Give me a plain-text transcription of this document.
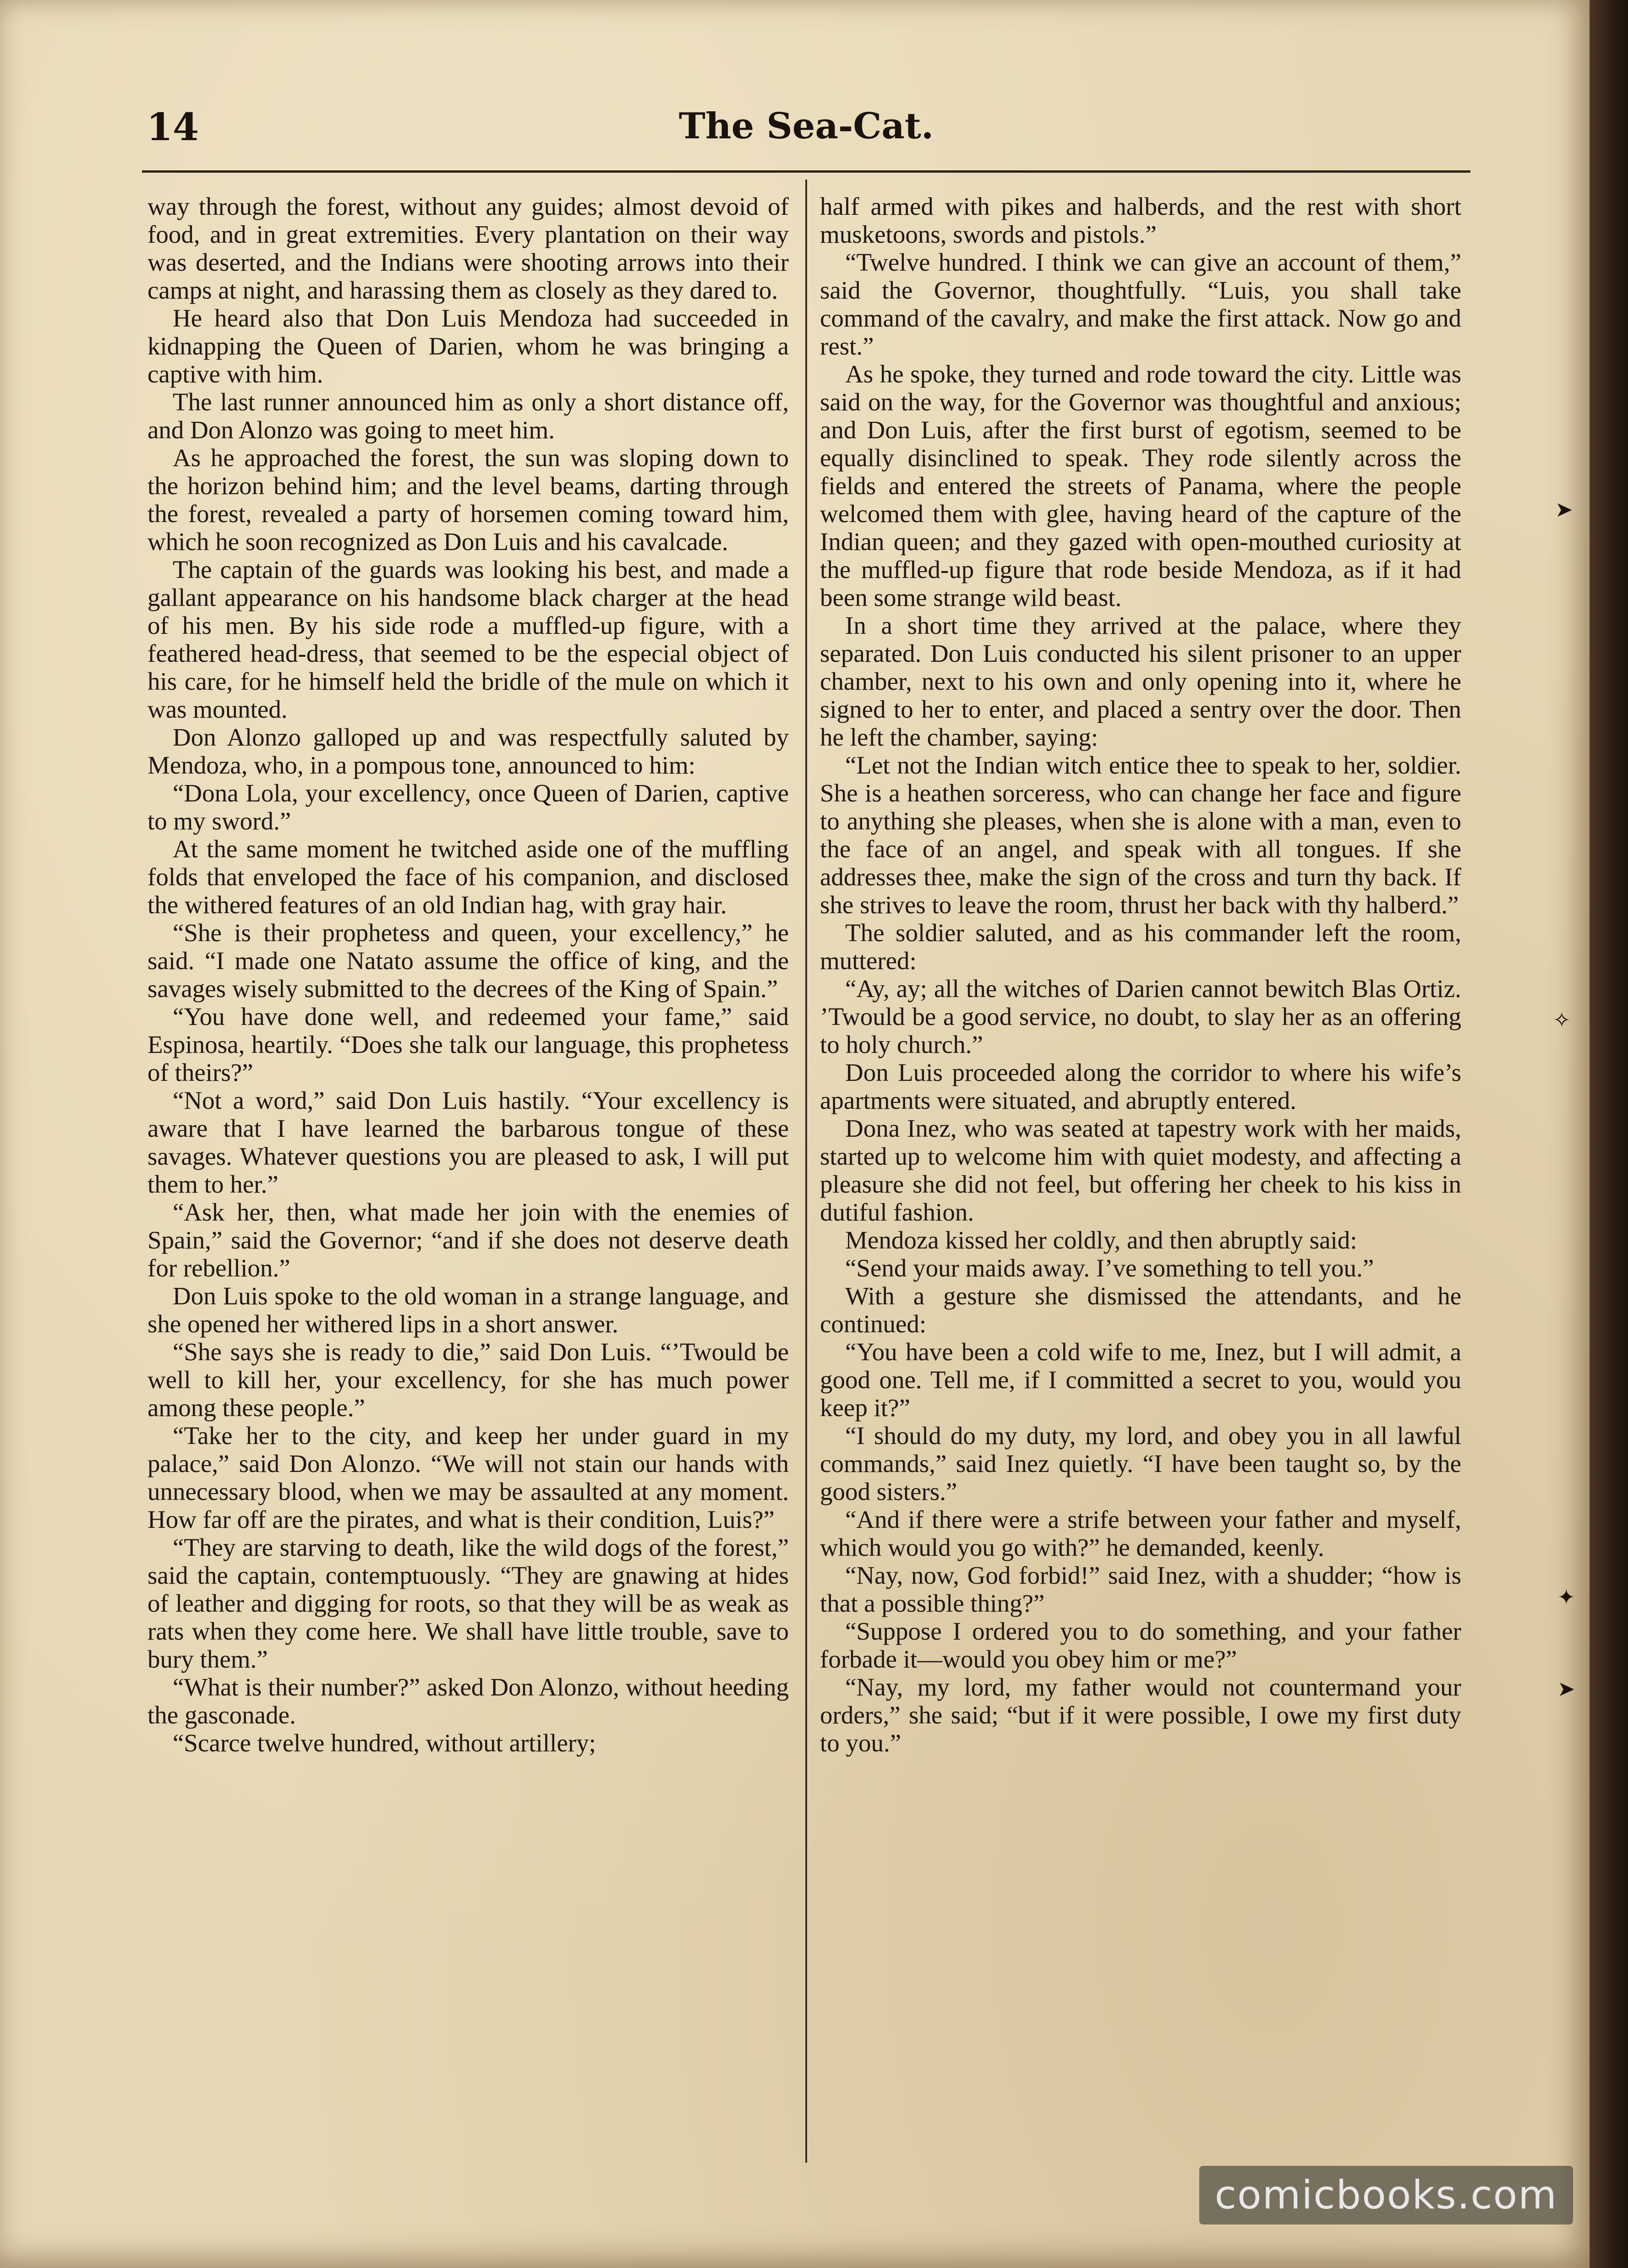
14	The Sea-Cat.

way through the forest, without any guides; almost devoid of food, and in great extremities. Every plantation on their way was deserted, and the Indians were shooting arrows into their camps at night, and harassing them as closely as they dared to.

He heard also that Don Luis Mendoza had succeeded in kidnapping the Queen of Darien, whom he was bringing a captive with him.

The last runner announced him as only a short distance off, and Don Alonzo was going to meet him.

As he approached the forest, the sun was sloping down to the horizon behind him; and the level beams, darting through the forest, revealed a party of horsemen coming toward him, which he soon recognized as Don Luis and his cavalcade.

The captain of the guards was looking his best, and made a gallant appearance on his handsome black charger at the head of his men. By his side rode a muffled-up figure, with a feathered head-dress, that seemed to be the especial object of his care, for he himself held the bridle of the mule on which it was mounted.

Don Alonzo galloped up and was respectfully saluted by Mendoza, who, in a pompous tone, announced to him:

“Dona Lola, your excellency, once Queen of Darien, captive to my sword.”

At the same moment he twitched aside one of the muffling folds that enveloped the face of his companion, and disclosed the withered features of an old Indian hag, with gray hair.

“She is their prophetess and queen, your excellency,” he said. “I made one Natato assume the office of king, and the savages wisely submitted to the decrees of the King of Spain.”

“You have done well, and redeemed your fame,” said Espinosa, heartily. “Does she talk our language, this prophetess of theirs?”

“Not a word,” said Don Luis hastily. “Your excellency is aware that I have learned the barbarous tongue of these savages. Whatever questions you are pleased to ask, I will put them to her.”

“Ask her, then, what made her join with the enemies of Spain,” said the Governor; “and if she does not deserve death for rebellion.”

Don Luis spoke to the old woman in a strange language, and she opened her withered lips in a short answer.

“She says she is ready to die,” said Don Luis. “’Twould be well to kill her, your excellency, for she has much power among these people.”

“Take her to the city, and keep her under guard in my palace,” said Don Alonzo. “We will not stain our hands with unnecessary blood, when we may be assaulted at any moment. How far off are the pirates, and what is their condition, Luis?”

“They are starving to death, like the wild dogs of the forest,” said the captain, contemptuously. “They are gnawing at hides of leather and digging for roots, so that they will be as weak as rats when they come here. We shall have little trouble, save to bury them.”

“What is their number?” asked Don Alonzo, without heeding the gasconade.

“Scarce twelve hundred, without artillery;

half armed with pikes and halberds, and the rest with short musketoons, swords and pistols.”

“Twelve hundred. I think we can give an account of them,” said the Governor, thoughtfully. “Luis, you shall take command of the cavalry, and make the first attack. Now go and rest.”

As he spoke, they turned and rode toward the city. Little was said on the way, for the Governor was thoughtful and anxious; and Don Luis, after the first burst of egotism, seemed to be equally disinclined to speak. They rode silently across the fields and entered the streets of Panama, where the people welcomed them with glee, having heard of the capture of the Indian queen; and they gazed with open-mouthed curiosity at the muffled-up figure that rode beside Mendoza, as if it had been some strange wild beast.

In a short time they arrived at the palace, where they separated. Don Luis conducted his silent prisoner to an upper chamber, next to his own and only opening into it, where he signed to her to enter, and placed a sentry over the door. Then he left the chamber, saying:

“Let not the Indian witch entice thee to speak to her, soldier. She is a heathen sorceress, who can change her face and figure to anything she pleases, when she is alone with a man, even to the face of an angel, and speak with all tongues. If she addresses thee, make the sign of the cross and turn thy back. If she strives to leave the room, thrust her back with thy halberd.”

The soldier saluted, and as his commander left the room, muttered:

“Ay, ay; all the witches of Darien cannot bewitch Blas Ortiz. ’Twould be a good service, no doubt, to slay her as an offering to holy church.”

Don Luis proceeded along the corridor to where his wife’s apartments were situated, and abruptly entered.

Dona Inez, who was seated at tapestry work with her maids, started up to welcome him with quiet modesty, and affecting a pleasure she did not feel, but offering her cheek to his kiss in dutiful fashion.

Mendoza kissed her coldly, and then abruptly said:

“Send your maids away. I’ve something to tell you.”

With a gesture she dismissed the attendants, and he continued:

“You have been a cold wife to me, Inez, but I will admit, a good one. Tell me, if I committed a secret to you, would you keep it?”

“I should do my duty, my lord, and obey you in all lawful commands,” said Inez quietly. “I have been taught so, by the good sisters.”

“And if there were a strife between your father and myself, which would you go with?” he demanded, keenly.

“Nay, now, God forbid!” said Inez, with a shudder; “how is that a possible thing?”

“Suppose I ordered you to do something, and your father forbade it—would you obey him or me?”

“Nay, my lord, my father would not countermand your orders,” she said; “but if it were possible, I owe my first duty to you.”

➤
✧
✦
➤
comicbooks.com
